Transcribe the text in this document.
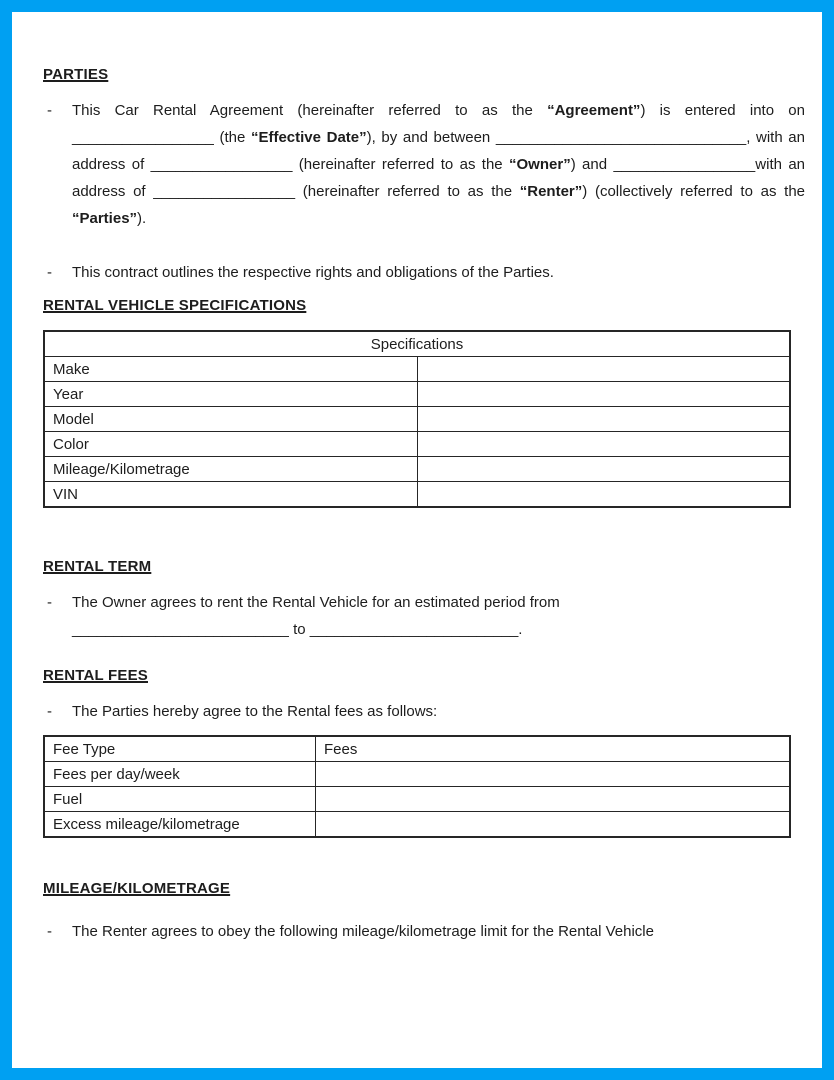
PARTIES
-	This Car Rental Agreement (hereinafter referred to as the “Agreement”) is entered into on _________________ (the “Effective Date”), by and between ______________________________, with an address of _________________ (hereinafter referred to as the “Owner”) and _________________with an address of _________________ (hereinafter referred to as the “Renter”) (collectively referred to as the “Parties”).

-	This contract outlines the respective rights and obligations of the Parties.

RENTAL VEHICLE SPECIFICATIONS
Specifications	
Make	
Year	
Model	
Color	
Mileage/Kilometrage	
VIN	
RENTAL TERM
-	The Owner agrees to rent the Rental Vehicle for an estimated period from

__________________________ to _________________________.

RENTAL FEES
-	The Parties hereby agree to the Rental fees as follows:

Fee Type	Fees
Fees per day/week	
Fuel	
Excess mileage/kilometrage	
MILEAGE/KILOMETRAGE
-	The Renter agrees to obey the following mileage/kilometrage limit for the Rental Vehicle
